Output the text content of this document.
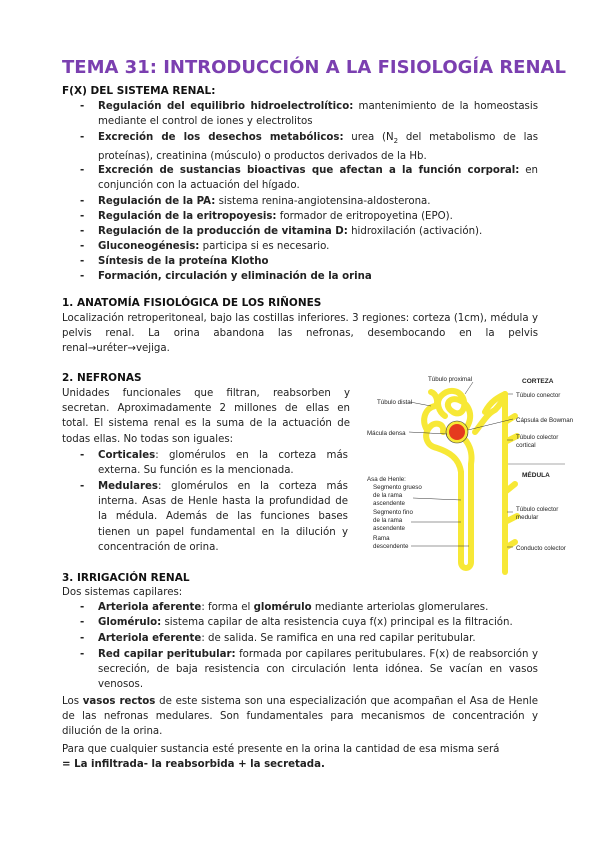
TEMA 31: INTRODUCCIÓN A LA FISIOLOGÍA RENAL
F(X) DEL SISTEMA RENAL:
- Regulación del equilibrio hidroelectrolítico: mantenimiento de la homeostasis mediante el control de iones y electrolitos
- Excreción de los desechos metabólicos: urea ($N_2$ del metabolismo de las proteínas), creatinina (músculo) o productos derivados de la Hb.
- Excreción de sustancias bioactivas que afectan a la función corporal: en conjunción con la actuación del hígado.
- Regulación de la PA: sistema renina-angiotensina-aldosterona.
- Regulación de la eritropoyesis: formador de eritropoyetina (EPO).
- Regulación de la producción de vitamina D: hidroxilación (activación).
- Gluconeogénesis: participa si es necesario.
- Síntesis de la proteína Klotho
- Formación, circulación y eliminación de la orina
1. ANATOMÍA FISIOLÓGICA DE LOS RIÑONES
Localización retroperitoneal, bajo las costillas inferiores. 3 regiones: corteza (1cm), médula y pelvis renal. La orina abandona las nefronas, desembocando en la pelvis renal→uréter→vejiga.
2. NEFRONAS
Unidades funcionales que filtran, reabsorben y secretan. Aproximadamente 2 millones de ellas en total. El sistema renal es la suma de la actuación de todas ellas. No todas son iguales:
- Corticales: glomérulos en la corteza más externa. Su función es la mencionada.
- Medulares: glomérulos en la corteza más interna. Asas de Henle hasta la profundidad de la médula. Además de las funciones bases tienen un papel fundamental en la dilución y concentración de orina.
Túbulo proximal	CORTEZA
Túbulo conector
Túbulo distal
Cápsula de Bowman
Mácula densa
Túbulo colector
cortical
MÉDULA
Asa de Henle:
Segmento grueso
de la rama
ascendente
Segmento fino
de la rama
ascendente
Rama
descendente
Túbulo colector
medular
Conducto colector
3. IRRIGACIÓN RENAL
Dos sistemas capilares:
- Arteriola aferente: forma el glomérulo mediante arteriolas glomerulares.
- Glomérulo: sistema capilar de alta resistencia cuya f(x) principal es la filtración.
- Arteriola eferente: de salida. Se ramifica en una red capilar peritubular.
- Red capilar peritubular: formada por capilares peritubulares. F(x) de reabsorción y secreción, de baja resistencia con circulación lenta idónea. Se vacían en vasos venosos.
Los vasos rectos de este sistema son una especialización que acompañan el Asa de Henle de las nefronas medulares. Son fundamentales para mecanismos de concentración y dilución de la orina.
Para que cualquier sustancia esté presente en la orina la cantidad de esa misma será
= La infiltrada- la reabsorbida + la secretada.
